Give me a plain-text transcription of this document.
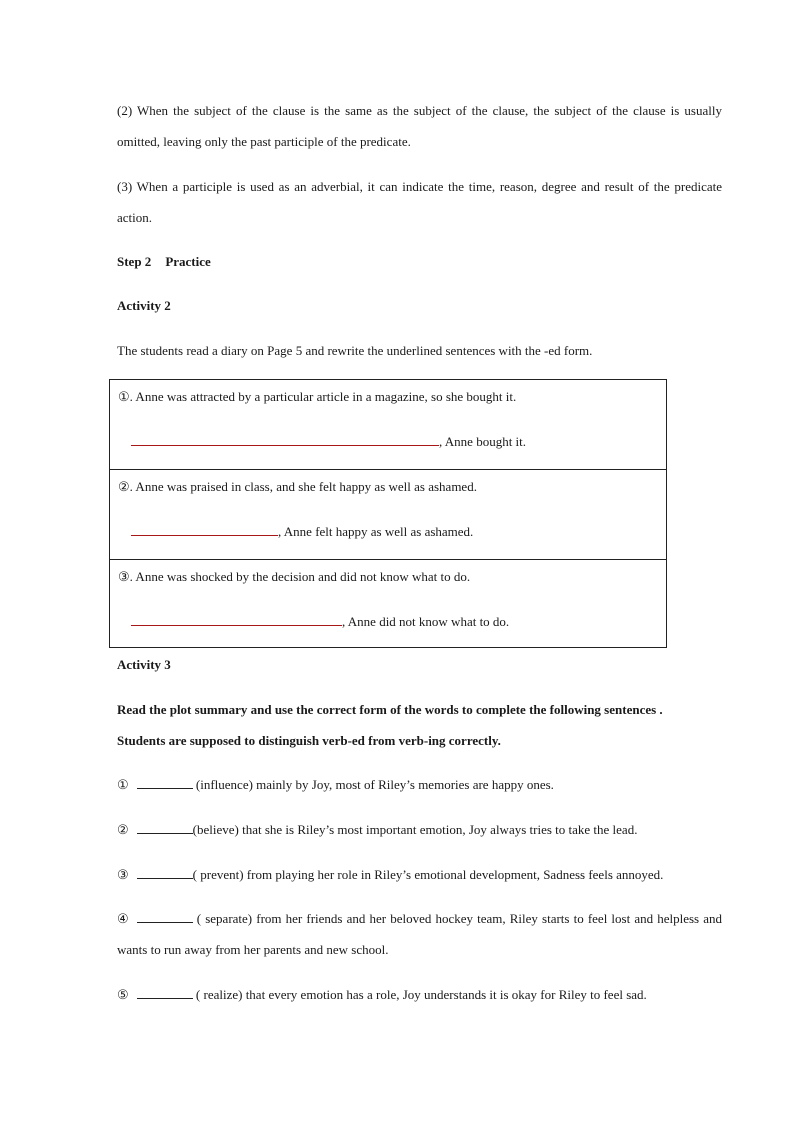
(2) When the subject of the clause is the same as the subject of the clause, the subject of the clause is usually omitted, leaving only the past participle of the predicate.

(3) When a participle is used as an adverbial, it can indicate the time, reason, degree and result of the predicate action.

Step 2 Practice

Activity 2

The students read a diary on Page 5 and rewrite the underlined sentences with the -ed form.

①. Anne was attracted by a particular article in a magazine, so she bought it.
, Anne bought it.
②. Anne was praised in class, and she felt happy as well as ashamed.
, Anne felt happy as well as ashamed.
③. Anne was shocked by the decision and did not know what to do.
, Anne did not know what to do.

Activity 3

Read the plot summary and use the correct form of the words to complete the following sentences .

Students are supposed to distinguish verb-ed from verb-ing correctly.

①	(influence) mainly by Joy, most of Riley’s memories are happy ones.

②	(believe) that she is Riley’s most important emotion, Joy always tries to take the lead.

③	( prevent) from playing her role in Riley’s emotional development, Sadness feels annoyed.

④	( separate) from her friends and her beloved hockey team, Riley starts to feel lost and helpless and wants to run away from her parents and new school.

⑤	( realize) that every emotion has a role, Joy understands it is okay for Riley to feel sad.
